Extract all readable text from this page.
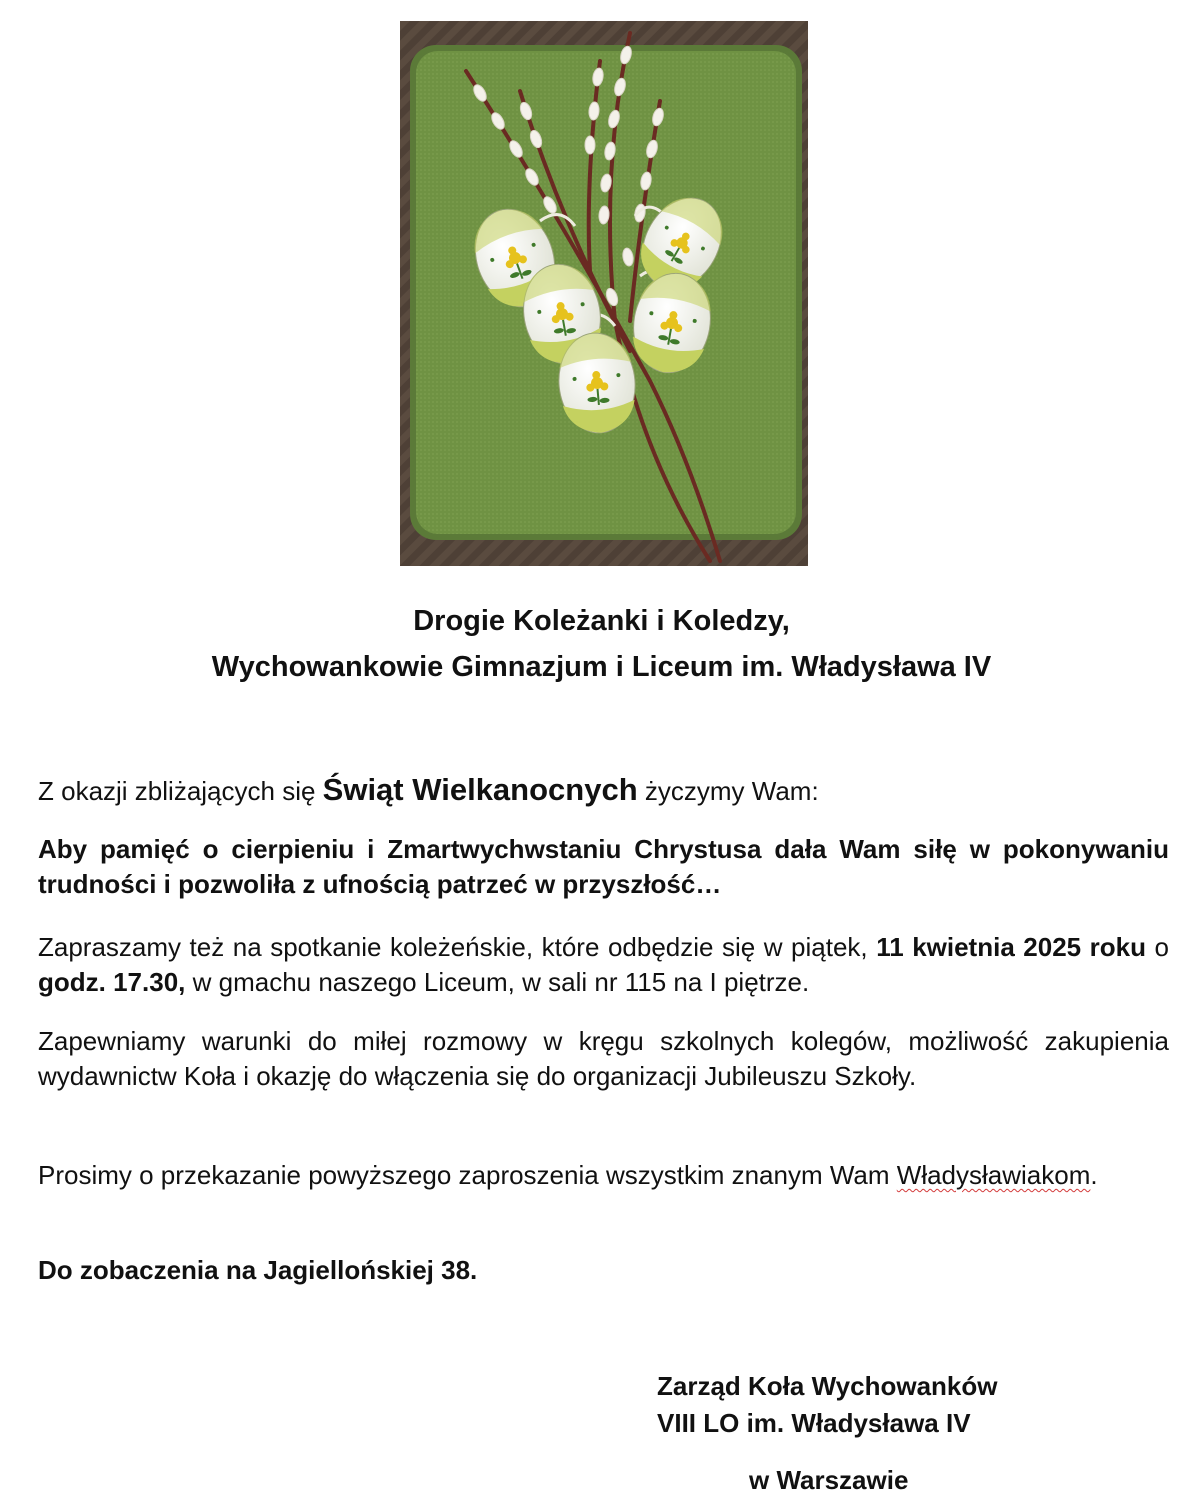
Drogie Koleżanki i Koledzy,
Wychowankowie Gimnazjum i Liceum im. Władysława IV
Z okazji zbliżających się Świąt Wielkanocnych życzymy Wam:
Aby pamięć o cierpieniu i Zmartwychwstaniu Chrystusa dała Wam siłę w pokonywaniu trudności i pozwoliła z ufnością patrzeć w przyszłość…
Zapraszamy też na spotkanie koleżeńskie, które odbędzie się w piątek, 11 kwietnia 2025 roku o godz. 17.30, w gmachu naszego Liceum, w sali nr 115 na I piętrze.
Zapewniamy warunki do miłej rozmowy w kręgu szkolnych kolegów, możliwość zakupienia wydawnictw Koła i okazję do włączenia się do organizacji Jubileuszu Szkoły.
Prosimy o przekazanie powyższego zaproszenia wszystkim znanym Wam Władysławiakom.
Do zobaczenia na Jagiellońskiej 38.
Zarząd Koła Wychowanków
VIII LO im. Władysława IV
w Warszawie
